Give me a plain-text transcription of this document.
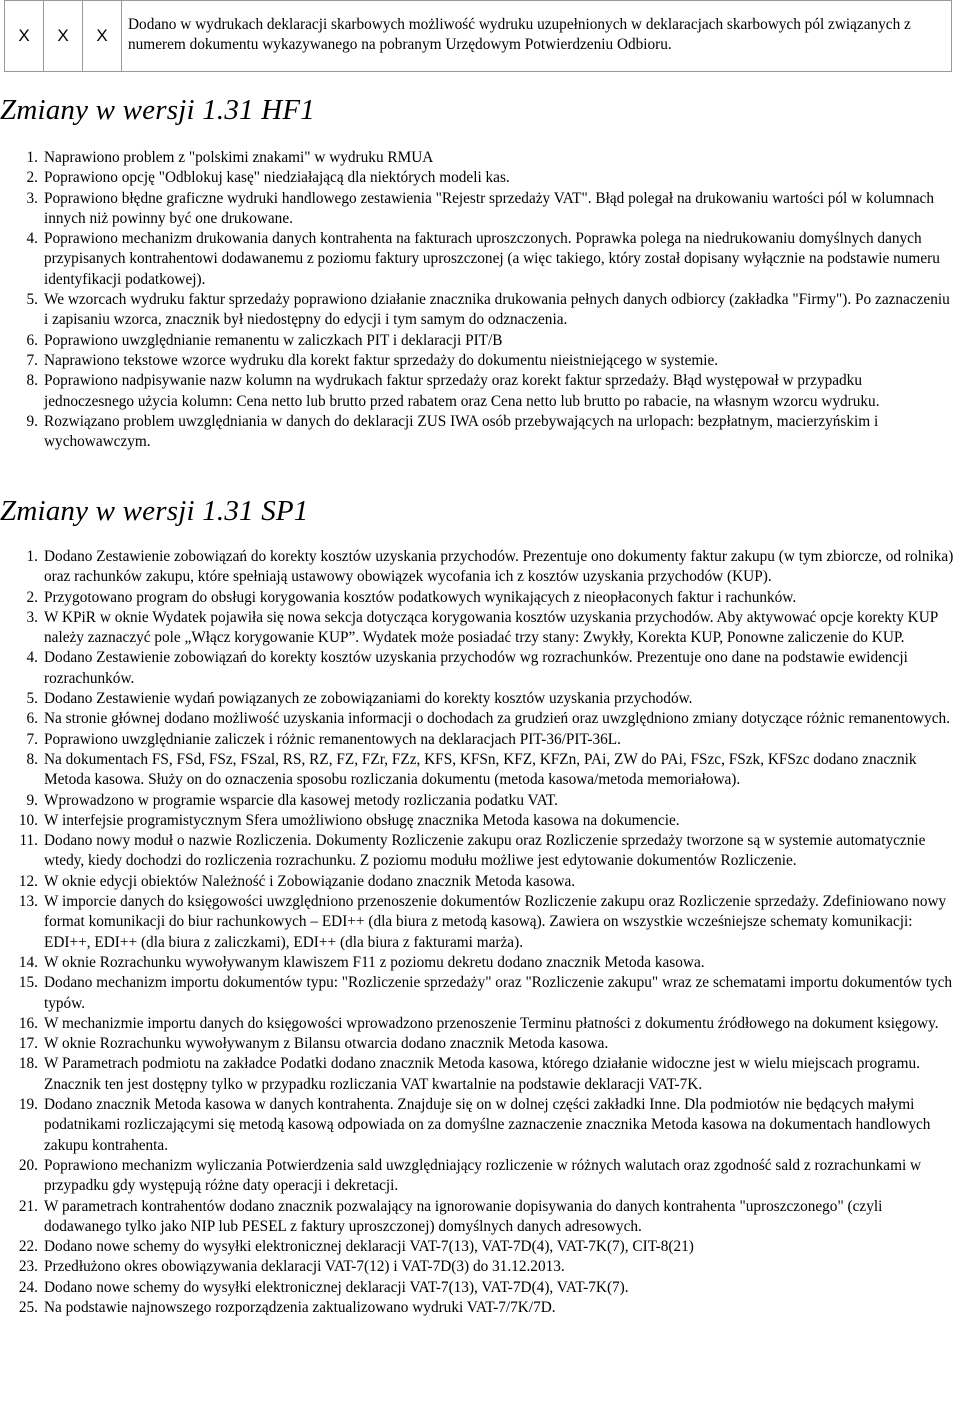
X	X	X	Dodano w wydrukach deklaracji skarbowych możliwość wydruku uzupełnionych w deklaracjach skarbowych pól związanych z numerem dokumentu wykazywanego na pobranym Urzędowym Potwierdzeniu Odbioru.
Zmiany w wersji 1.31 HF1
1. Naprawiono problem z "polskimi znakami" w wydruku RMUA
2. Poprawiono opcję "Odblokuj kasę" niedziałającą dla niektórych modeli kas.
3. Poprawiono błędne graficzne wydruki handlowego zestawienia "Rejestr sprzedaży VAT". Błąd polegał na drukowaniu wartości pól w kolumnach innych niż powinny być one drukowane.
4. Poprawiono mechanizm drukowania danych kontrahenta na fakturach uproszczonych. Poprawka polega na niedrukowaniu domyślnych danych przypisanych kontrahentowi dodawanemu z poziomu faktury uproszczonej (a więc takiego, który został dopisany wyłącznie na podstawie numeru identyfikacji podatkowej).
5. We wzorcach wydruku faktur sprzedaży poprawiono działanie znacznika drukowania pełnych danych odbiorcy (zakładka "Firmy"). Po zaznaczeniu i zapisaniu wzorca, znacznik był niedostępny do edycji i tym samym do odznaczenia.
6. Poprawiono uwzględnianie remanentu w zaliczkach PIT i deklaracji PIT/B
7. Naprawiono tekstowe wzorce wydruku dla korekt faktur sprzedaży do dokumentu nieistniejącego w systemie.
8. Poprawiono nadpisywanie nazw kolumn na wydrukach faktur sprzedaży oraz korekt faktur sprzedaży. Błąd występował w przypadku jednoczesnego użycia kolumn: Cena netto lub brutto przed rabatem oraz Cena netto lub brutto po rabacie, na własnym wzorcu wydruku.
9. Rozwiązano problem uwzględniania w danych do deklaracji ZUS IWA osób przebywających na urlopach: bezpłatnym, macierzyńskim i wychowawczym.
Zmiany w wersji 1.31 SP1
1. Dodano Zestawienie zobowiązań do korekty kosztów uzyskania przychodów. Prezentuje ono dokumenty faktur zakupu (w tym zbiorcze, od rolnika) oraz rachunków zakupu, które spełniają ustawowy obowiązek wycofania ich z kosztów uzyskania przychodów (KUP).
2. Przygotowano program do obsługi korygowania kosztów podatkowych wynikających z nieopłaconych faktur i rachunków.
3. W KPiR w oknie Wydatek pojawiła się nowa sekcja dotycząca korygowania kosztów uzyskania przychodów. Aby aktywować opcje korekty KUP należy zaznaczyć pole „Włącz korygowanie KUP”. Wydatek może posiadać trzy stany: Zwykły, Korekta KUP, Ponowne zaliczenie do KUP.
4. Dodano Zestawienie zobowiązań do korekty kosztów uzyskania przychodów wg rozrachunków. Prezentuje ono dane na podstawie ewidencji rozrachunków.
5. Dodano Zestawienie wydań powiązanych ze zobowiązaniami do korekty kosztów uzyskania przychodów.
6. Na stronie głównej dodano możliwość uzyskania informacji o dochodach za grudzień oraz uwzględniono zmiany dotyczące różnic remanentowych.
7. Poprawiono uwzględnianie zaliczek i różnic remanentowych na deklaracjach PIT-36/PIT-36L.
8. Na dokumentach FS, FSd, FSz, FSzal, RS, RZ, FZ, FZr, FZz, KFS, KFSn, KFZ, KFZn, PAi, ZW do PAi, FSzc, FSzk, KFSzc dodano znacznik Metoda kasowa. Służy on do oznaczenia sposobu rozliczania dokumentu (metoda kasowa/metoda memoriałowa).
9. Wprowadzono w programie wsparcie dla kasowej metody rozliczania podatku VAT.
10. W interfejsie programistycznym Sfera umożliwiono obsługę znacznika Metoda kasowa na dokumencie.
11. Dodano nowy moduł o nazwie Rozliczenia. Dokumenty Rozliczenie zakupu oraz Rozliczenie sprzedaży tworzone są w systemie automatycznie wtedy, kiedy dochodzi do rozliczenia rozrachunku. Z poziomu modułu możliwe jest edytowanie dokumentów Rozliczenie.
12. W oknie edycji obiektów Należność i Zobowiązanie dodano znacznik Metoda kasowa.
13. W imporcie danych do księgowości uwzględniono przenoszenie dokumentów Rozliczenie zakupu oraz Rozliczenie sprzedaży. Zdefiniowano nowy format komunikacji do biur rachunkowych – EDI++ (dla biura z metodą kasową). Zawiera on wszystkie wcześniejsze schematy komunikacji: EDI++, EDI++ (dla biura z zaliczkami), EDI++ (dla biura z fakturami marża).
14. W oknie Rozrachunku wywoływanym klawiszem F11 z poziomu dekretu dodano znacznik Metoda kasowa.
15. Dodano mechanizm importu dokumentów typu: "Rozliczenie sprzedaży" oraz "Rozliczenie zakupu" wraz ze schematami importu dokumentów tych typów.
16. W mechanizmie importu danych do księgowości wprowadzono przenoszenie Terminu płatności z dokumentu źródłowego na dokument księgowy.
17. W oknie Rozrachunku wywoływanym z Bilansu otwarcia dodano znacznik Metoda kasowa.
18. W Parametrach podmiotu na zakładce Podatki dodano znacznik Metoda kasowa, którego działanie widoczne jest w wielu miejscach programu. Znacznik ten jest dostępny tylko w przypadku rozliczania VAT kwartalnie na podstawie deklaracji VAT-7K.
19. Dodano znacznik Metoda kasowa w danych kontrahenta. Znajduje się on w dolnej części zakładki Inne. Dla podmiotów nie będących małymi podatnikami rozliczającymi się metodą kasową odpowiada on za domyślne zaznaczenie znacznika Metoda kasowa na dokumentach handlowych zakupu kontrahenta.
20. Poprawiono mechanizm wyliczania Potwierdzenia sald uwzględniający rozliczenie w różnych walutach oraz zgodność sald z rozrachunkami w przypadku gdy występują różne daty operacji i dekretacji.
21. W parametrach kontrahentów dodano znacznik pozwalający na ignorowanie dopisywania do danych kontrahenta "uproszczonego" (czyli dodawanego tylko jako NIP lub PESEL z faktury uproszczonej) domyślnych danych adresowych.
22. Dodano nowe schemy do wysyłki elektronicznej deklaracji VAT-7(13), VAT-7D(4), VAT-7K(7), CIT-8(21)
23. Przedłużono okres obowiązywania deklaracji VAT-7(12) i VAT-7D(3) do 31.12.2013.
24. Dodano nowe schemy do wysyłki elektronicznej deklaracji VAT-7(13), VAT-7D(4), VAT-7K(7).
25. Na podstawie najnowszego rozporządzenia zaktualizowano wydruki VAT-7/7K/7D.
